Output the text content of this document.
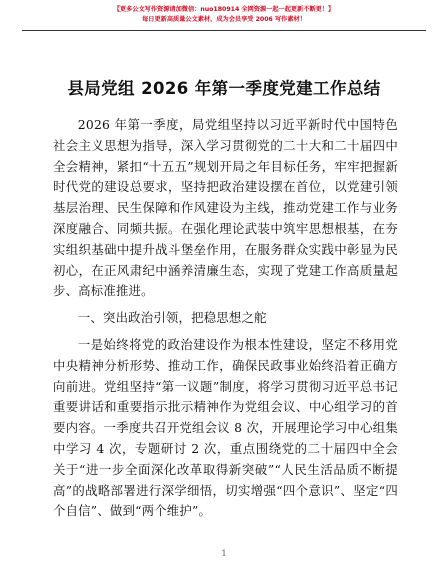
【更多公文写作资源请加微信：nuo180914 全网资源一起一起更新不断更！】
每日更新高质量公文素材，成为会员享受 2006 写作素材！
县局党组 2026 年第一季度党建工作总结

2026 年第一季度，局党组坚持以习近平新时代中国特色社会主义思想为指导，深入学习贯彻党的二十大和二十届四中全会精神，紧扣“十五五”规划开局之年目标任务，牢牢把握新时代党的建设总要求，坚持把政治建设摆在首位，以党建引领基层治理、民生保障和作风建设为主线，推动党建工作与业务深度融合、同频共振。在强化理论武装中筑牢思想根基，在夯实组织基础中提升战斗堡垒作用，在服务群众实践中彰显为民初心，在正风肃纪中涵养清廉生态，实现了党建工作高质量起步、高标准推进。

一、突出政治引领，把稳思想之舵

一是始终将党的政治建设作为根本性建设，坚定不移用党中央精神分析形势、推动工作，确保民政事业始终沿着正确方向前进。党组坚持“第一议题”制度，将学习贯彻习近平总书记重要讲话和重要指示批示精神作为党组会议、中心组学习的首要内容。一季度共召开党组会议 8 次，开展理论学习中心组集中学习 4 次，专题研讨 2 次，重点围绕党的二十届四中全会关于“进一步全面深化改革取得新突破”“人民生活品质不断提高”的战略部署进行深学细悟，切实增强“四个意识”、坚定“四个自信”、做到“两个维护”。

1
